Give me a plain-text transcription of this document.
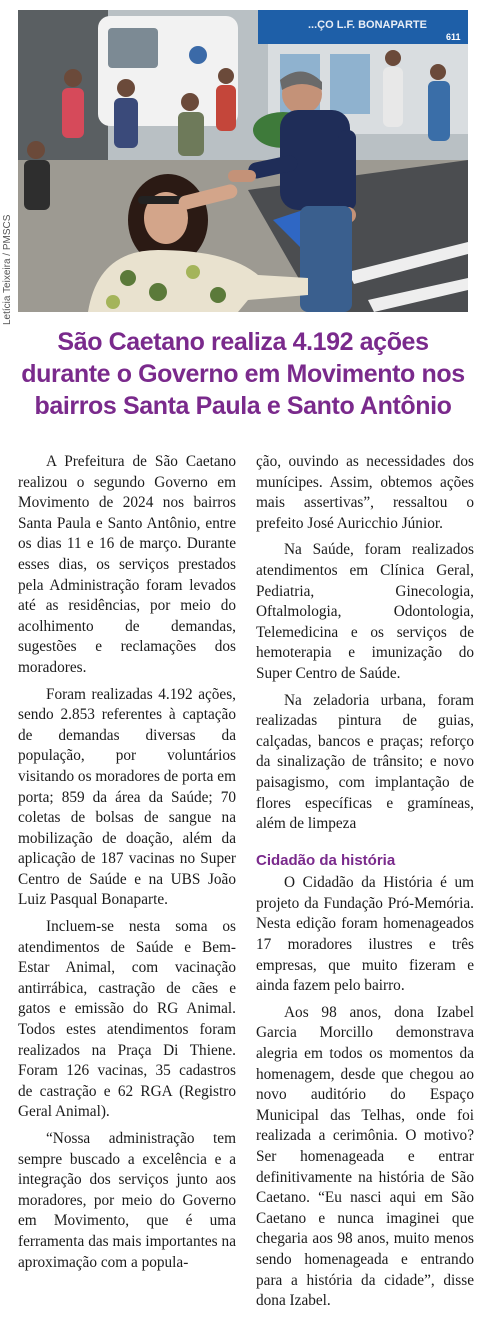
Letícia Teixeira / PMSCS
...ÇO L.F. BONAPARTE
611
São Caetano realiza 4.192 ações durante o Governo em Movimento nos bairros Santa Paula e Santo Antônio

A Prefeitura de São Caetano realizou o segundo Governo em Movimento de 2024 nos bairros Santa Paula e Santo Antônio, entre os dias 11 e 16 de março. Durante esses dias, os serviços prestados pela Administração foram levados até as residências, por meio do acolhimento de demandas, sugestões e reclamações dos moradores.

Foram realizadas 4.192 ações, sendo 2.853 referentes à captação de demandas diversas da população, por voluntários visitando os moradores de porta em porta; 859 da área da Saúde; 70 coletas de bolsas de sangue na mobilização de doação, além da aplicação de 187 vacinas no Super Centro de Saúde e na UBS João Luiz Pasqual Bonaparte.

Incluem-se nesta soma os atendimentos de Saúde e Bem-Estar Animal, com vacinação antirrábica, castração de cães e gatos e emissão do RG Animal. Todos estes atendimentos foram realizados na Praça Di Thiene. Foram 126 vacinas, 35 cadastros de castração e 62 RGA (Registro Geral Animal).

“Nossa administração tem sempre buscado a excelência e a integração dos serviços junto aos moradores, por meio do Governo em Movimento, que é uma ferramenta das mais importantes na aproximação com a popula-

ção, ouvindo as necessidades dos munícipes. Assim, obtemos ações mais assertivas”, ressaltou o prefeito José Auricchio Júnior.

Na Saúde, foram realizados atendimentos em Clínica Geral, Pediatria, Ginecologia, Oftalmologia, Odontologia, Telemedicina e os serviços de hemoterapia e imunização do Super Centro de Saúde.

Na zeladoria urbana, foram realizadas pintura de guias, calçadas, bancos e praças; reforço da sinalização de trânsito; e novo paisagismo, com implantação de flores específicas e gramíneas, além de limpeza

Cidadão da história

O Cidadão da História é um projeto da Fundação Pró-Memória. Nesta edição foram homenageados 17 moradores ilustres e três empresas, que muito fizeram e ainda fazem pelo bairro.

Aos 98 anos, dona Izabel Garcia Morcillo demonstrava alegria em todos os momentos da homenagem, desde que chegou ao novo auditório do Espaço Municipal das Telhas, onde foi realizada a cerimônia. O motivo? Ser homenageada e entrar definitivamente na história de São Caetano. “Eu nasci aqui em São Caetano e nunca imaginei que chegaria aos 98 anos, muito menos sendo homenageada e entrando para a história da cidade”, disse dona Izabel.
